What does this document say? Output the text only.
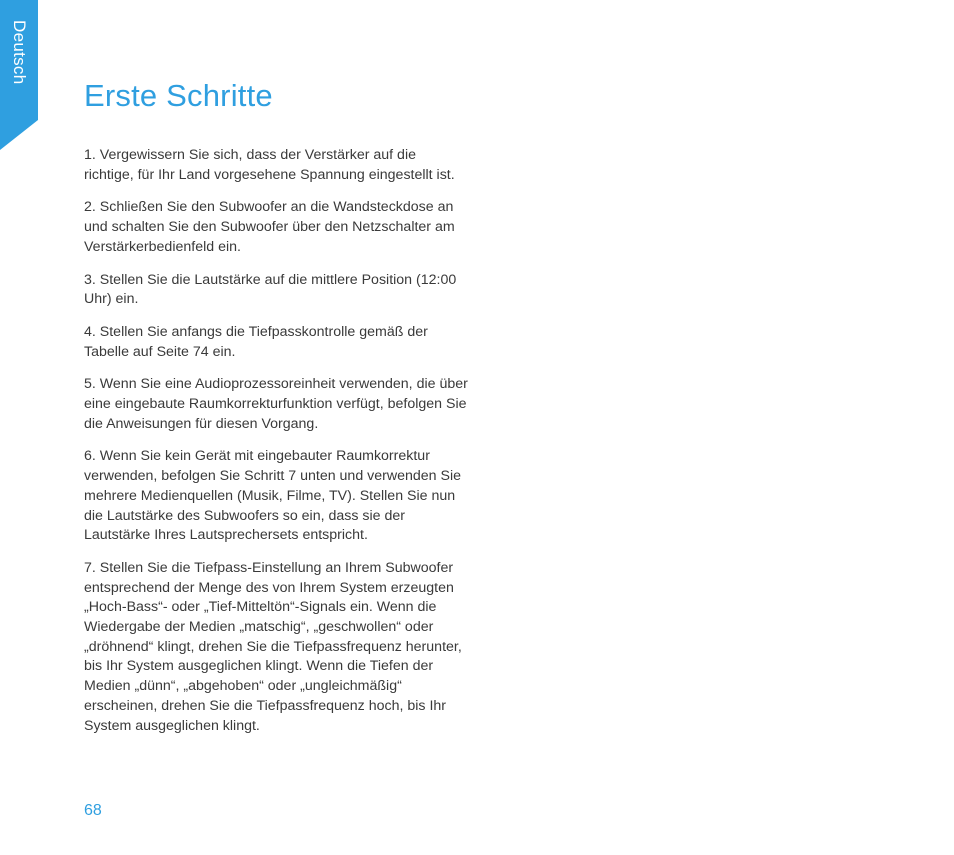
Deutsch
Erste Schritte
1. Vergewissern Sie sich, dass der Verstärker auf die richtige, für Ihr Land vorgesehene Spannung eingestellt ist.
2. Schließen Sie den Subwoofer an die Wandsteckdose an und schalten Sie den Subwoofer über den Netzschalter am Verstärkerbedienfeld ein.
3. Stellen Sie die Lautstärke auf die mittlere Position (12:00 Uhr) ein.
4. Stellen Sie anfangs die Tiefpasskontrolle gemäß der Tabelle auf Seite 74 ein.
5. Wenn Sie eine Audioprozessoreinheit verwenden, die über eine eingebaute Raumkorrekturfunktion verfügt, befolgen Sie die Anweisungen für diesen Vorgang.
6. Wenn Sie kein Gerät mit eingebauter Raumkorrektur verwenden, befolgen Sie Schritt 7 unten und verwenden Sie mehrere Medienquellen (Musik, Filme, TV). Stellen Sie nun die Lautstärke des Subwoofers so ein, dass sie der Lautstärke Ihres Lautsprechersets entspricht.
7. Stellen Sie die Tiefpass-Einstellung an Ihrem Subwoofer entsprechend der Menge des von Ihrem System erzeugten „Hoch-Bass“- oder „Tief-Mitteltön“-Signals ein. Wenn die Wiedergabe der Medien „matschig“, „geschwollen“ oder „dröhnend“ klingt, drehen Sie die Tiefpassfrequenz herunter, bis Ihr System ausgeglichen klingt. Wenn die Tiefen der Medien „dünn“, „abgehoben“ oder „ungleichmäßig“ erscheinen, drehen Sie die Tiefpassfrequenz hoch, bis Ihr System ausgeglichen klingt.
68
